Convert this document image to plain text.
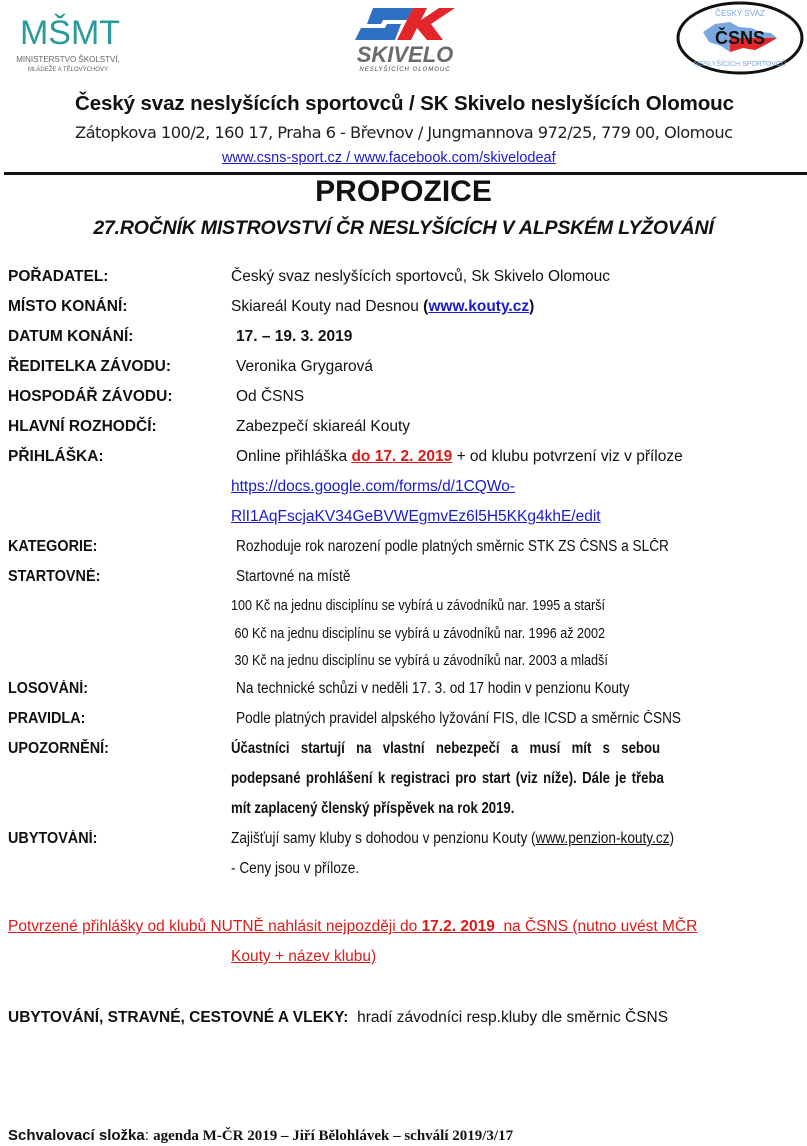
MŠMT
MINISTERSTVO ŠKOLSTVÍ,
MLÁDEŽE A TĚLOVÝCHOVY
SKIVELO
NESLYŠÍCÍCH OLOMOUC
ČESKÝ SVAZ
ČSNS
NESLYŠÍCÍCH SPORTOVCŮ
Český svaz neslyšících sportovců / SK Skivelo neslyšících Olomouc
Zátopkova 100/2, 160 17, Praha 6 - Břevnov / Jungmannova 972/25, 779 00, Olomouc
www.csns-sport.cz / www.facebook.com/skivelodeaf
PROPOZICE
27.ROČNÍK MISTROVSTVÍ ČR NESLYŠÍCÍCH V ALPSKÉM LYŽOVÁNÍ
POŘADATEL:	Český svaz neslyšících sportovců, Sk Skivelo Olomouc
MÍSTO KONÁNÍ:	Skiareál Kouty nad Desnou (www.kouty.cz)
DATUM KONÁNÍ:	17. – 19. 3. 2019
ŘEDITELKA ZÁVODU:	Veronika Grygarová
HOSPODÁŘ ZÁVODU:	Od ČSNS
HLAVNÍ ROZHODČÍ:	Zabezpečí skiareál Kouty
PŘIHLÁŠKA:	Online přihláška do 17. 2. 2019 + od klubu potvrzení viz v příloze
https://docs.google.com/forms/d/1CQWo-
RlI1AqFscjaKV34GeBVWEgmvEz6l5H5KKg4khE/edit
KATEGORIE:	Rozhoduje rok narození podle platných směrnic STK ZS ČSNS a SLČR
STARTOVNÉ:	Startovné na místě
100 Kč na jednu disciplínu se vybírá u závodníků nar. 1995 a starší
60 Kč na jednu disciplínu se vybírá u závodníků nar. 1996 až 2002
30 Kč na jednu disciplínu se vybírá u závodníků nar. 2003 a mladší
LOSOVÁNÍ:	Na technické schůzi v neděli 17. 3. od 17 hodin v penzionu Kouty
PRAVIDLA:	Podle platných pravidel alpského lyžování FIS, dle ICSD a směrnic ČSNS
UPOZORNĚNÍ:	Účastníci startují na vlastní nebezpečí a musí mít s sebou
podepsané prohlášení k registraci pro start (viz níže). Dále je třeba
mít zaplacený členský příspěvek na rok 2019.
UBYTOVÁNÍ:	Zajišťují samy kluby s dohodou v penzionu Kouty (www.penzion-kouty.cz)
- Ceny jsou v příloze.
Potvrzené přihlášky od klubů NUTNĚ nahlásit nejpozději do 17.2. 2019  na ČSNS (nutno uvést MČR
Kouty + název klubu)
UBYTOVÁNÍ, STRAVNÉ, CESTOVNÉ A VLEKY:  hradí závodníci resp.kluby dle směrnic ČSNS
Schvalovací složka: agenda M-ČR 2019 – Jiří Bělohlávek – schválí 2019/3/17
